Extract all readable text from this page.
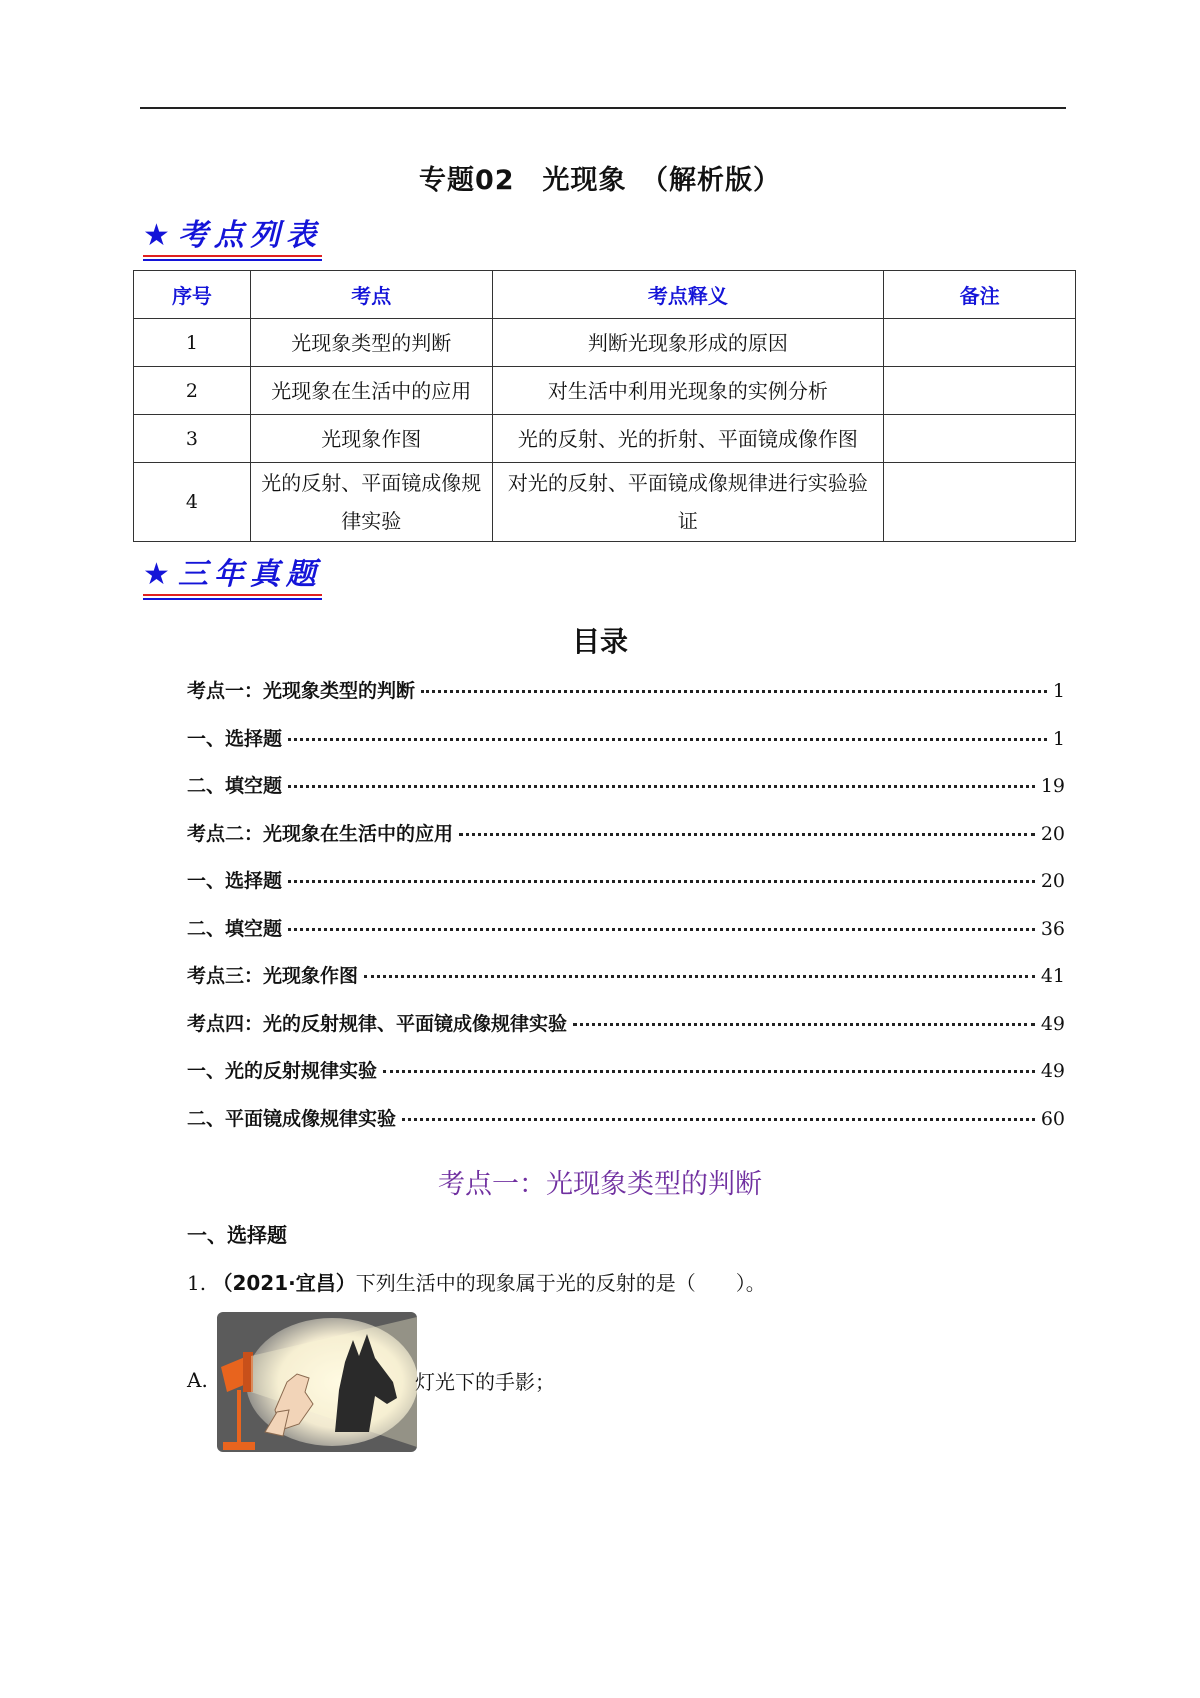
专题02　光现象　（解析版）
★考点列表
序号	考点	考点释义	备注
1	光现象类型的判断	判断光现象形成的原因	
2	光现象在生活中的应用	对生活中利用光现象的实例分析	
3	光现象作图	光的反射、光的折射、平面镜成像作图	
4	光的反射、平面镜成像规律实验	对光的反射、平面镜成像规律进行实验验证	
★三年真题
目录
考点一：光现象类型的判断	1
一、选择题	1
二、填空题	19
考点二：光现象在生活中的应用	20
一、选择题	20
二、填空题	36
考点三：光现象作图	41
考点四：光的反射规律、平面镜成像规律实验	49
一、光的反射规律实验	49
二、平面镜成像规律实验	60
考点一：光现象类型的判断
一、选择题
1. （2021·宜昌）下列生活中的现象属于光的反射的是（　　）。
A.	灯光下的手影；
